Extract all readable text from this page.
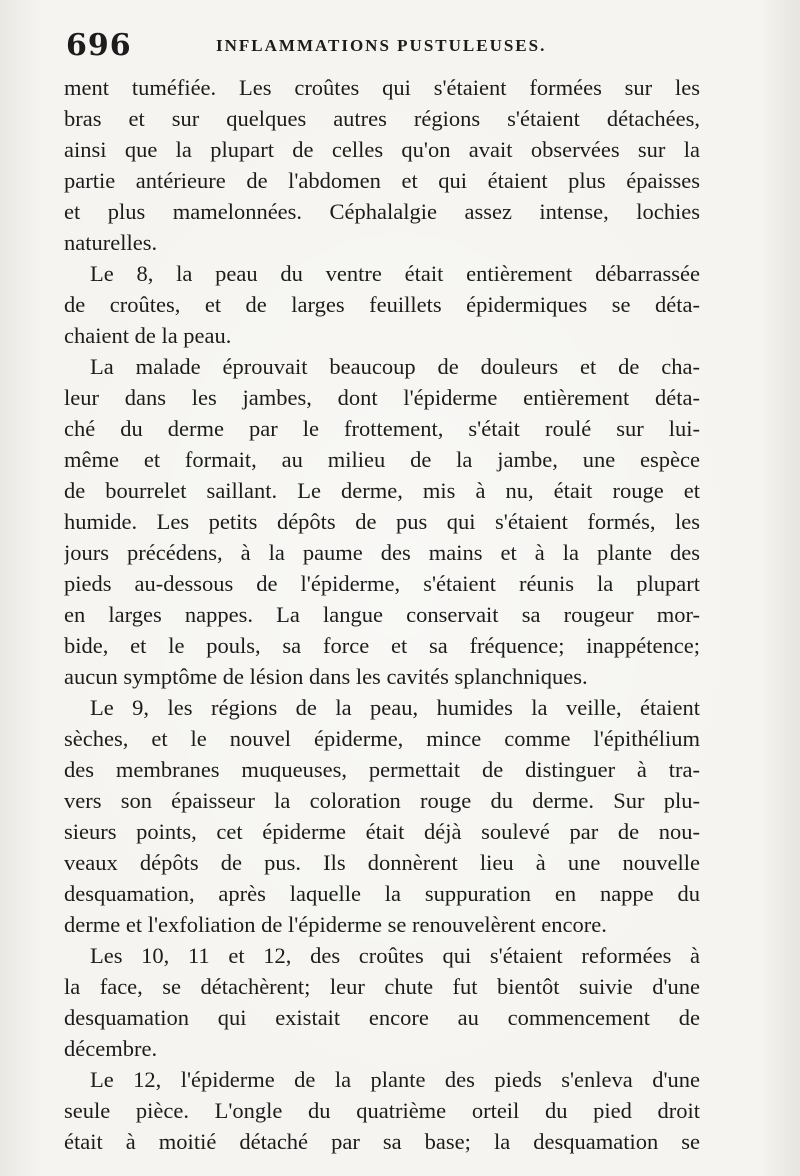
696	INFLAMMATIONS PUSTULEUSES.
ment tuméfiée. Les croûtes qui s'étaient formées sur les
bras et sur quelques autres régions s'étaient détachées,
ainsi que la plupart de celles qu'on avait observées sur la
partie antérieure de l'abdomen et qui étaient plus épaisses
et plus mamelonnées. Céphalalgie assez intense, lochies
naturelles.
Le 8, la peau du ventre était entièrement débarrassée
de croûtes, et de larges feuillets épidermiques se déta-
chaient de la peau.
La malade éprouvait beaucoup de douleurs et de cha-
leur dans les jambes, dont l'épiderme entièrement déta-
ché du derme par le frottement, s'était roulé sur lui-
même et formait, au milieu de la jambe, une espèce
de bourrelet saillant. Le derme, mis à nu, était rouge et
humide. Les petits dépôts de pus qui s'étaient formés, les
jours précédens, à la paume des mains et à la plante des
pieds au-dessous de l'épiderme, s'étaient réunis la plupart
en larges nappes. La langue conservait sa rougeur mor-
bide, et le pouls, sa force et sa fréquence; inappétence;
aucun symptôme de lésion dans les cavités splanchniques.
Le 9, les régions de la peau, humides la veille, étaient
sèches, et le nouvel épiderme, mince comme l'épithélium
des membranes muqueuses, permettait de distinguer à tra-
vers son épaisseur la coloration rouge du derme. Sur plu-
sieurs points, cet épiderme était déjà soulevé par de nou-
veaux dépôts de pus. Ils donnèrent lieu à une nouvelle
desquamation, après laquelle la suppuration en nappe du
derme et l'exfoliation de l'épiderme se renouvelèrent encore.
Les 10, 11 et 12, des croûtes qui s'étaient reformées à
la face, se détachèrent; leur chute fut bientôt suivie d'une
desquamation qui existait encore au commencement de
décembre.
Le 12, l'épiderme de la plante des pieds s'enleva d'une
seule pièce. L'ongle du quatrième orteil du pied droit
était à moitié détaché par sa base; la desquamation se
